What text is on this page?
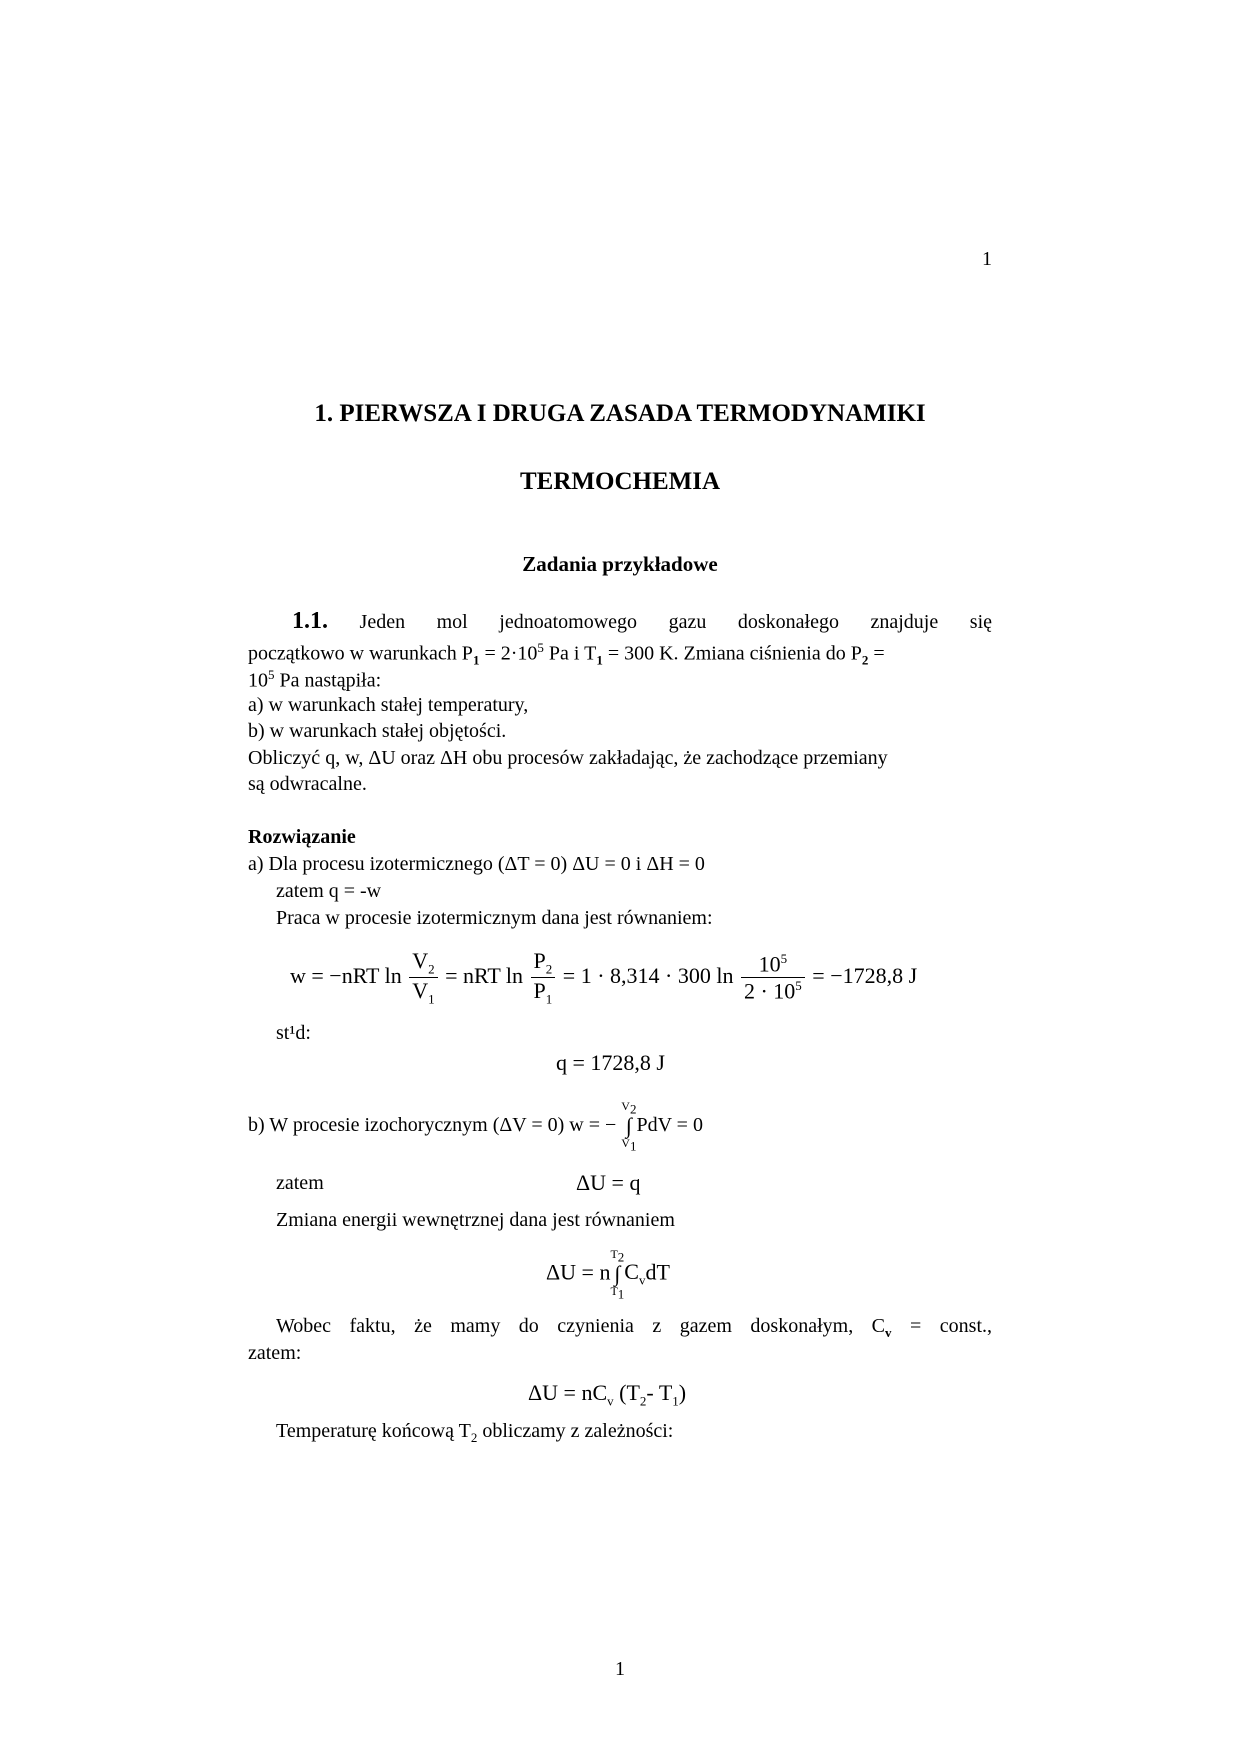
1
1. PIERWSZA I DRUGA ZASADA TERMODYNAMIKI
TERMOCHEMIA
Zadania przykładowe
1.1. Jeden mol jednoatomowego gazu doskonałego znajduje się
początkowo w warunkach $P_1 = 2\cdot 10^5$ Pa i $T_1 = 300$ K. Zmiana ciśnienia do $P_2$ =
$10^5$ Pa nastąpiła:
a) w warunkach stałej temperatury,
b) w warunkach stałej objętości.
Obliczyć q, w, ΔU oraz ΔH obu procesów zakładając, że zachodzące przemiany
są odwracalne.
Rozwiązanie
a) Dla procesu izotermicznego (ΔT = 0) ΔU = 0 i ΔH = 0
zatem q = -w
Praca w procesie izotermicznym dana jest równaniem:
w = −nRT $\ln \frac{V_2}{V_1}$ = nRT $\ln \frac{P_2}{P_1} = 1 \cdot 8,314 \cdot 300$ $\ln \frac{10^5}{2 \cdot 10^5} = -1728,8$ J
st¹d:
q = 1728,8 J
b) W procesie izochorycznym (ΔV = 0) w = − $V_2$
∫
$V_1PdV = 0$
zatem	ΔU = q
Zmiana energii wewnętrznej dana jest równaniem
$\Delta U = nT_2$
∫
$T_1C_vdT$
Wobec faktu, że mamy do czynienia z gazem doskonałym, $C_v$ = const.,
zatem:
$\Delta U = nC_v$ ($T_2-$ $T_1$)
Temperaturę końcową $T_2$ obliczamy z zależności:
1
